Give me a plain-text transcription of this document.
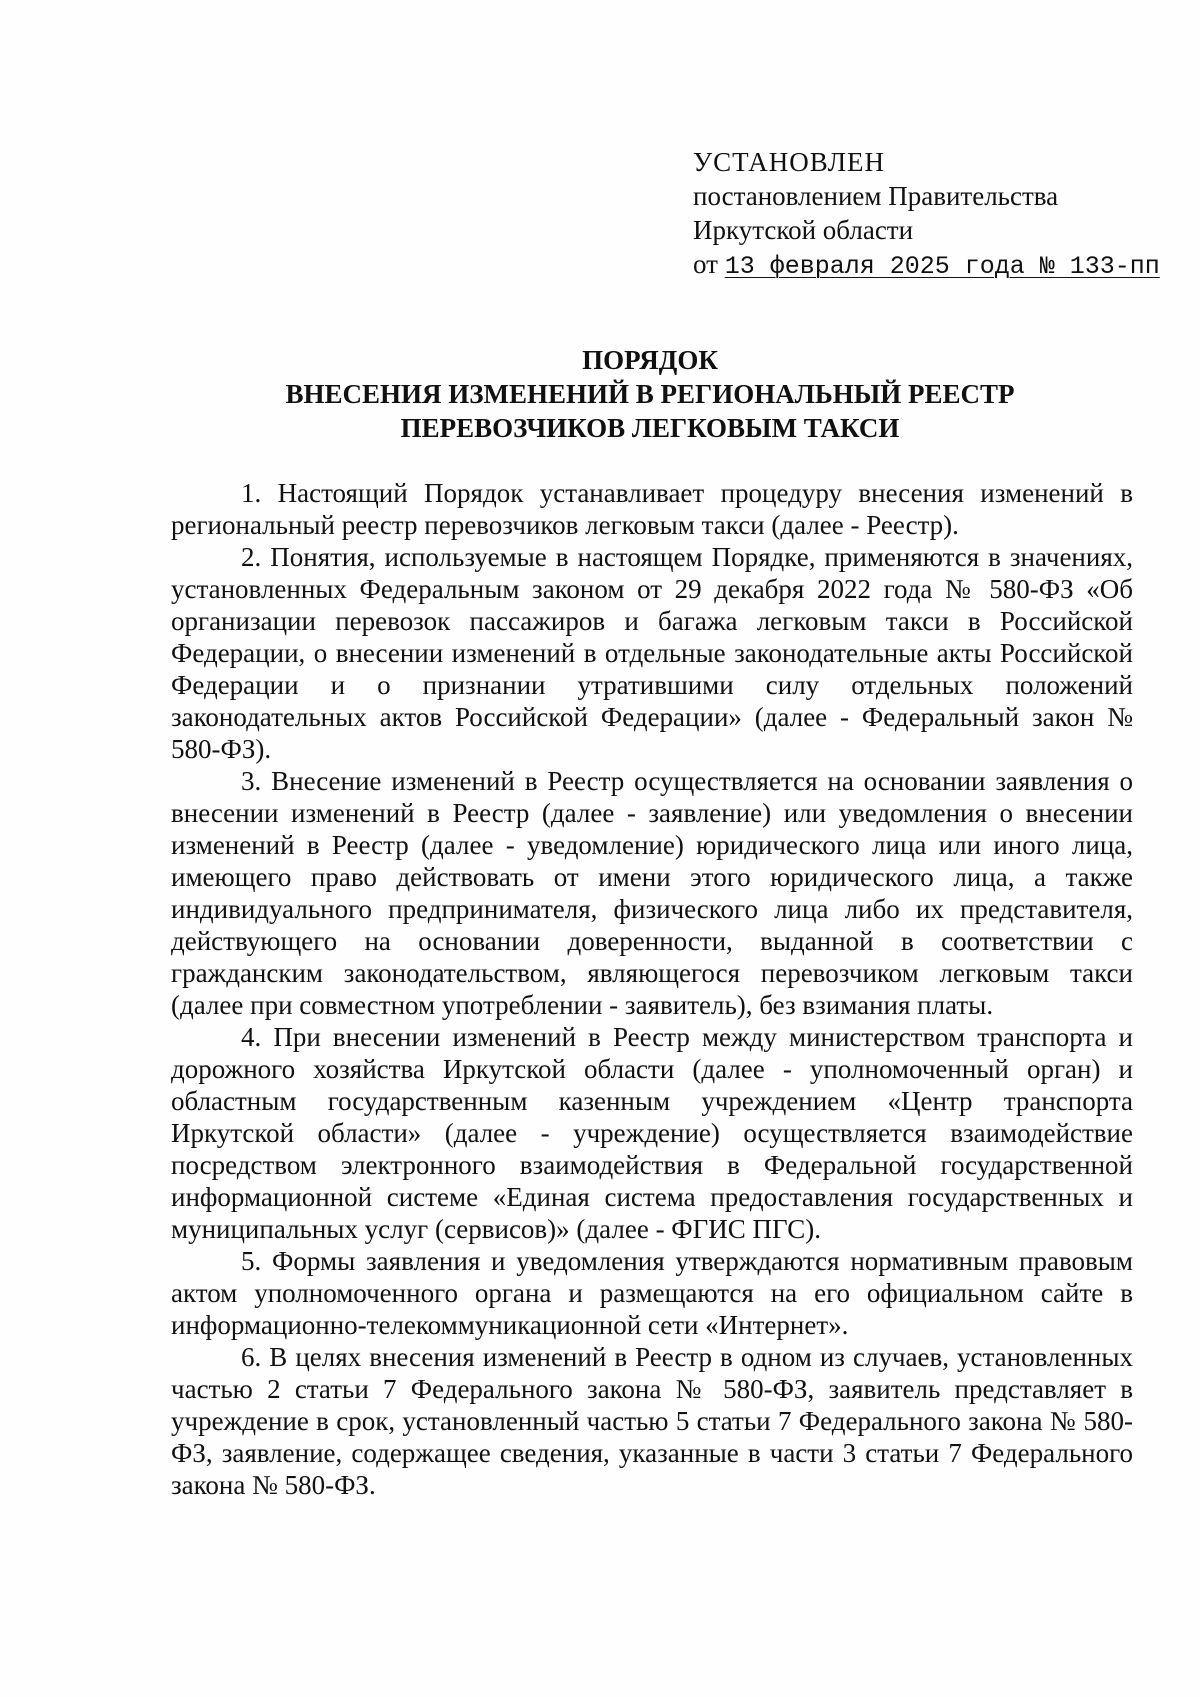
УСТАНОВЛЕН
постановлением Правительства
Иркутской области
от 13 февраля 2025 года № 133-пп
ПОРЯДОК
ВНЕСЕНИЯ ИЗМЕНЕНИЙ В РЕГИОНАЛЬНЫЙ РЕЕСТР
ПЕРЕВОЗЧИКОВ ЛЕГКОВЫМ ТАКСИ

1. Настоящий Порядок устанавливает процедуру внесения изменений в региональный реестр перевозчиков легковым такси (далее - Реестр).

2. Понятия, используемые в настоящем Порядке, применяются в значениях, установленных Федеральным законом от 29 декабря 2022 года № 580-ФЗ «Об организации перевозок пассажиров и багажа легковым такси в Российской Федерации, о внесении изменений в отдельные законодательные акты Российской Федерации и о признании утратившими силу отдельных положений законодательных актов Российской Федерации» (далее - Федеральный закон № 580-ФЗ).

3. Внесение изменений в Реестр осуществляется на основании заявления о внесении изменений в Реестр (далее - заявление) или уведомления о внесении изменений в Реестр (далее - уведомление) юридического лица или иного лица, имеющего право действовать от имени этого юридического лица, а также индивидуального предпринимателя, физического лица либо их представителя, действующего на основании доверенности, выданной в соответствии с гражданским законодательством, являющегося перевозчиком легковым такси (далее при совместном употреблении - заявитель), без взимания платы.

4. При внесении изменений в Реестр между министерством транспорта и дорожного хозяйства Иркутской области (далее - уполномоченный орган) и областным государственным казенным учреждением «Центр транспорта Иркутской области» (далее - учреждение) осуществляется взаимодействие посредством электронного взаимодействия в Федеральной государственной информационной системе «Единая система предоставления государственных и муниципальных услуг (сервисов)» (далее - ФГИС ПГС).

5. Формы заявления и уведомления утверждаются нормативным правовым актом уполномоченного органа и размещаются на его официальном сайте в информационно-телекоммуникационной сети «Интернет».

6. В целях внесения изменений в Реестр в одном из случаев, установленных частью 2 статьи 7 Федерального закона № 580-ФЗ, заявитель представляет в учреждение в срок, установленный частью 5 статьи 7 Федерального закона № 580-ФЗ, заявление, содержащее сведения, указанные в части 3 статьи 7 Федерального закона № 580-ФЗ.
